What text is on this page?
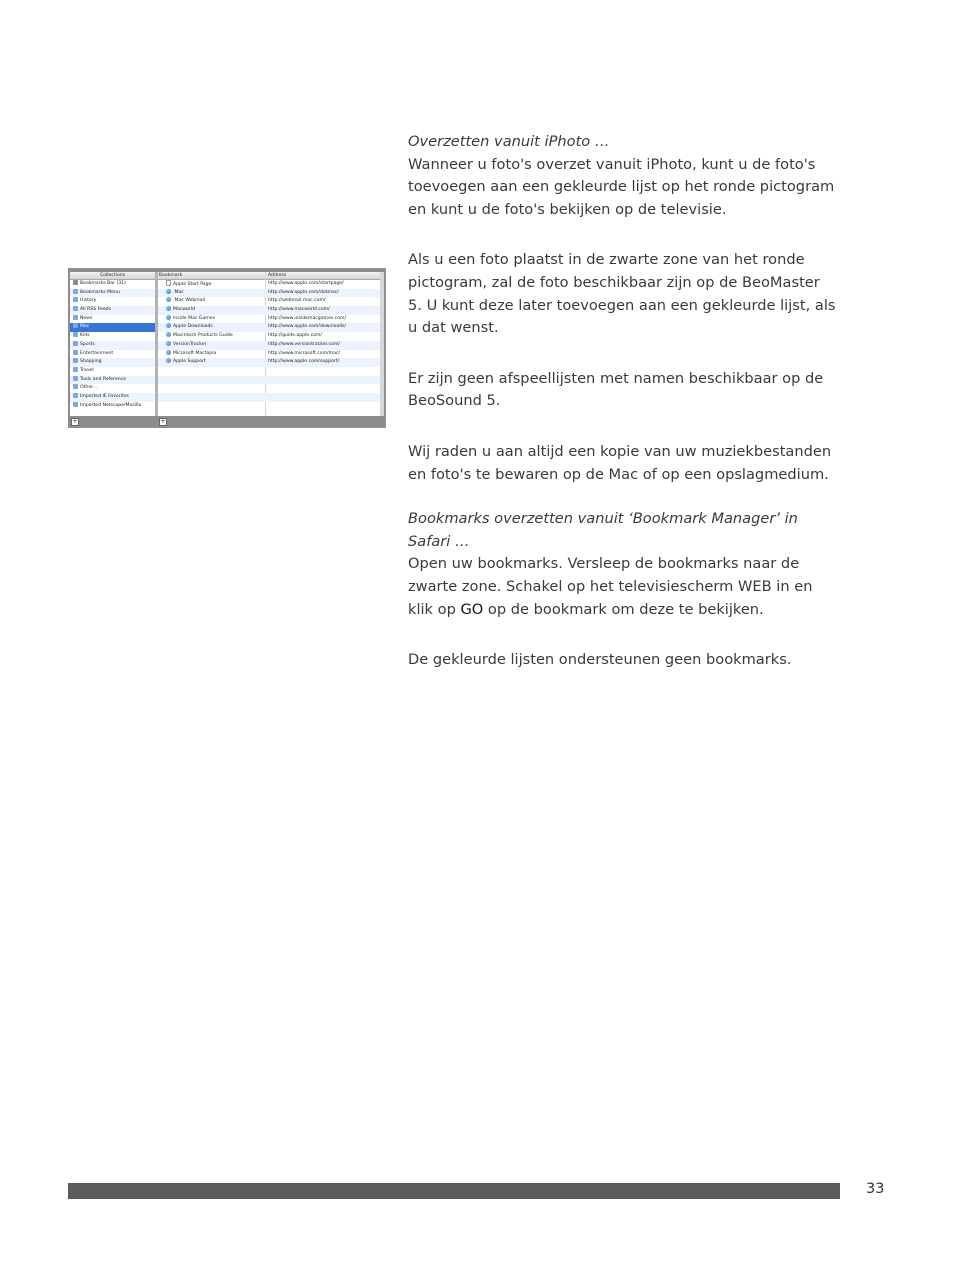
Collections
Bookmarks Bar (31)
Bookmarks Menu
History
All RSS Feeds
News
Mac
Kids
Sports
Entertainment
Shopping
Travel
Tools and Reference
Other...
Imported IE Favorites
Imported Netscape/Mozilla
Bookmark	Address
Apple Start Page	http://www.apple.com/startpage/
.Mac	http://www.apple.com/dotmac/
.Mac Webmail	http://webmail.mac.com/
Macworld	http://www.macworld.com/
Inside Mac Games	http://www.insidemacgames.com/
Apple Downloads	http://www.apple.com/downloads/
Macintosh Products Guide	http://guide.apple.com/
VersionTracker	http://www.versiontracker.com/
Microsoft Mactopia	http://www.microsoft.com/mac/
Apple Support	http://www.apple.com/support/
+	+

Overzetten vanuit iPhoto …

Wanneer u foto's overzet vanuit iPhoto, kunt u de foto's toevoegen aan een gekleurde lijst op het ronde pictogram en kunt u de foto's bekijken op de televisie.

Als u een foto plaatst in de zwarte zone van het ronde pictogram, zal de foto beschikbaar zijn op de BeoMaster 5. U kunt deze later toevoegen aan een gekleurde lijst, als u dat wenst.

Er zijn geen afspeellijsten met namen beschikbaar op de BeoSound 5.

Wij raden u aan altijd een kopie van uw muziekbestanden en foto's te bewaren op de Mac of op een opslagmedium.

Bookmarks overzetten vanuit ‘Bookmark Manager’ in Safari …

Open uw bookmarks. Versleep de bookmarks naar de zwarte zone. Schakel op het televisiescherm WEB in en klik op GO op de bookmark om deze te bekijken.

De gekleurde lijsten ondersteunen geen bookmarks.

33
